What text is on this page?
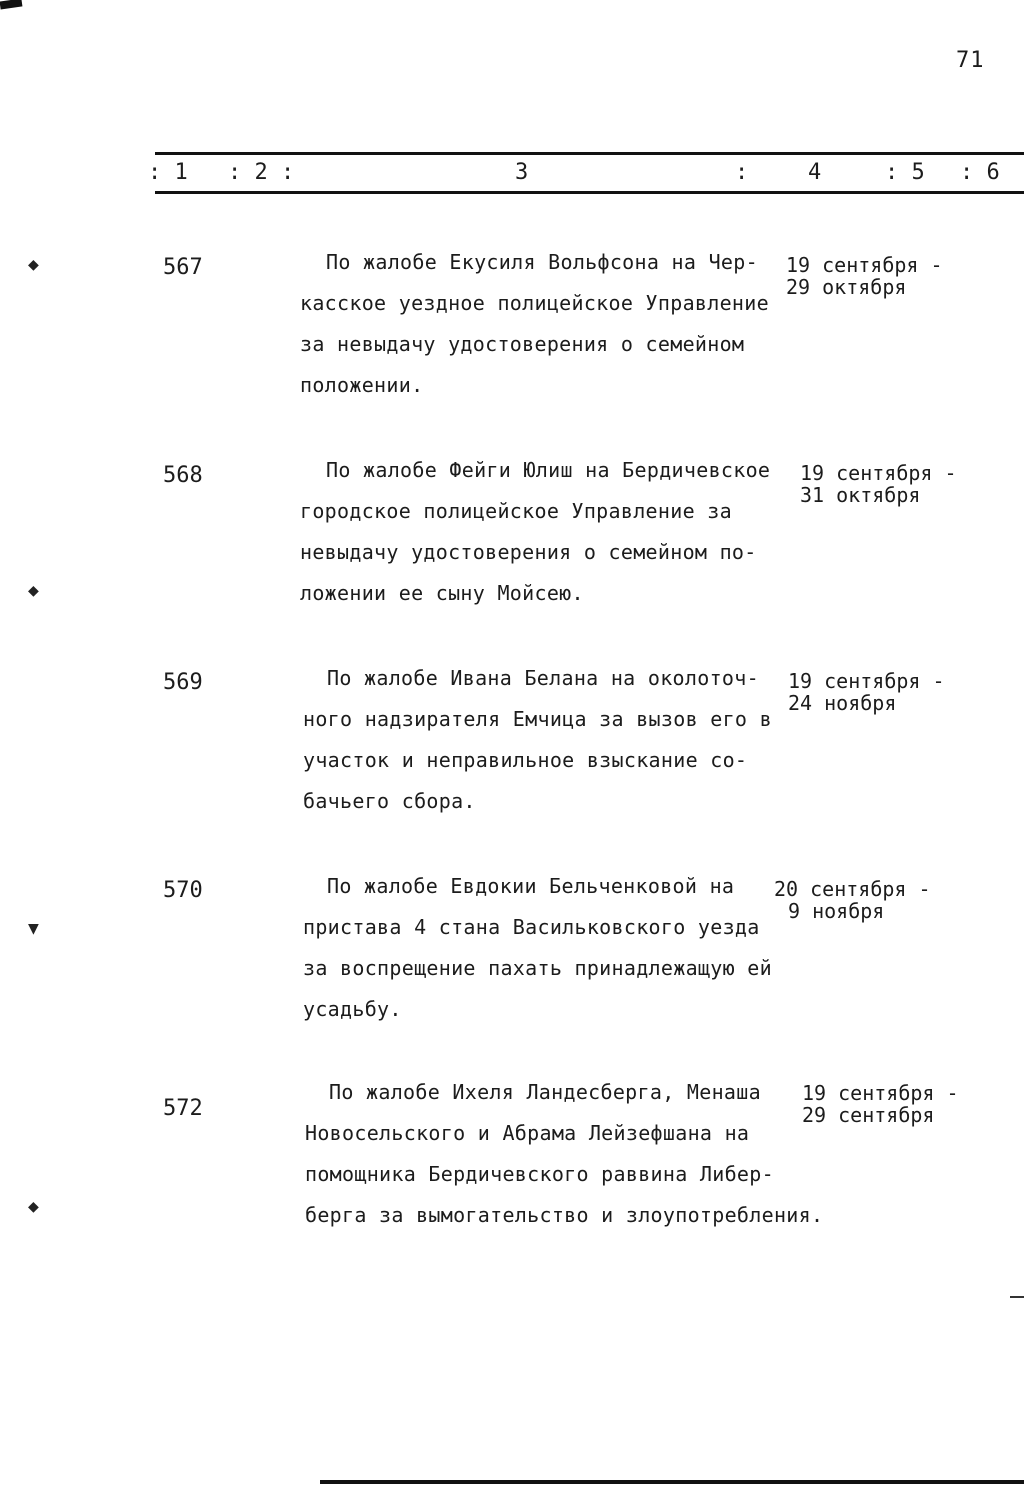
71
: 1 : 2 :	3	:	4	: 5 : 6
567	По жалобе Екусиля Вольфсона на Чер-
касское уездное полицейское Управление
за невыдачу удостоверения о семейном
положении.
19 сентября -
29 октября
568	По жалобе Фейги Юлиш на Бердичевское
городское полицейское Управление за
невыдачу удостоверения о семейном по-
ложении ее сыну Мойсею.
19 сентября -
31 октября
569	По жалобе Ивана Белана на околоточ-
ного надзирателя Емчица за вызов его в
участок и неправильное взыскание со-
бачьего сбора.
19 сентября -
24 ноября
570	По жалобе Евдокии Бельченковой на
пристава 4 стана Васильковского уезда
за воспрещение пахать принадлежащую ей
усадьбу.
20 сентября -
9 ноября
572
По жалобе Ихеля Ландесберга, Менаша
Новосельского и Абрама Лейзефшана на
помощника Бердичевского раввина Либер-
берга за вымогательство и злоупотребления.
19 сентября -
29 сентября
◆
◆
▼
◆
